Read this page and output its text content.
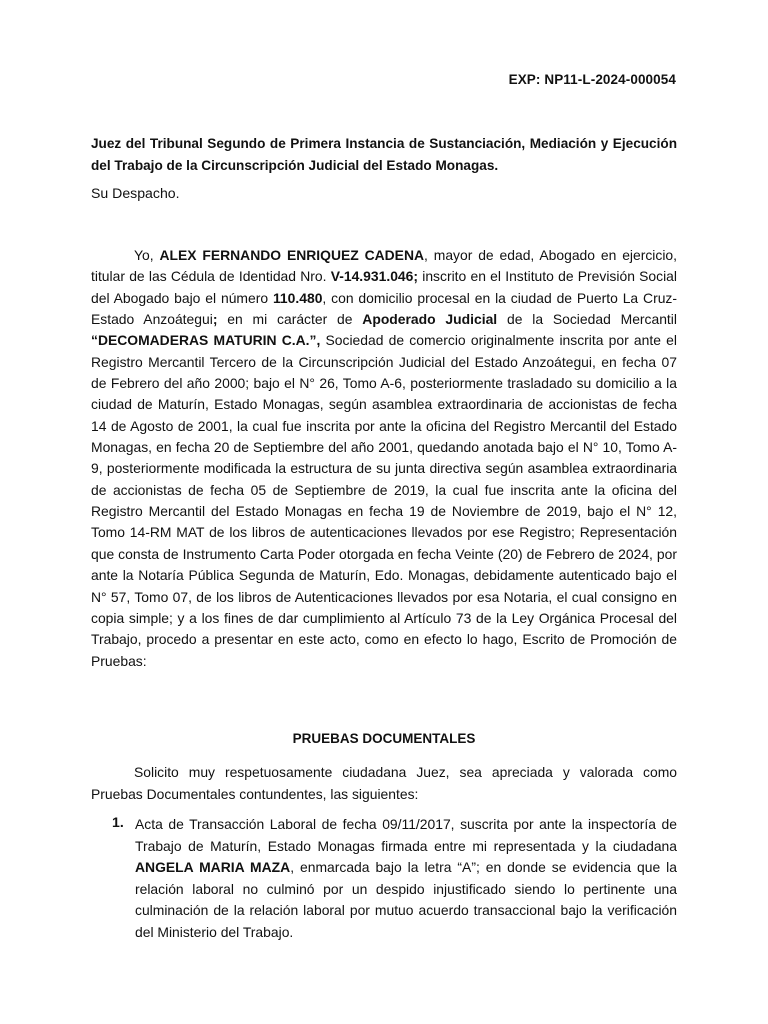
EXP: NP11-L-2024-000054
Juez del Tribunal Segundo de Primera Instancia de Sustanciación, Mediación y Ejecución del Trabajo de la Circunscripción Judicial del Estado Monagas.
Su Despacho.
Yo, ALEX FERNANDO ENRIQUEZ CADENA, mayor de edad, Abogado en ejercicio, titular de las Cédula de Identidad Nro. V-14.931.046; inscrito en el Instituto de Previsión Social del Abogado bajo el número 110.480, con domicilio procesal en la ciudad de Puerto La Cruz- Estado Anzoátegui; en mi carácter de Apoderado Judicial de la Sociedad Mercantil “DECOMADERAS MATURIN C.A.”, Sociedad de comercio originalmente inscrita por ante el Registro Mercantil Tercero de la Circunscripción Judicial del Estado Anzoátegui, en fecha 07 de Febrero del año 2000; bajo el N° 26, Tomo A-6, posteriormente trasladado su domicilio a la ciudad de Maturín, Estado Monagas, según asamblea extraordinaria de accionistas de fecha 14 de Agosto de 2001, la cual fue inscrita por ante la oficina del Registro Mercantil del Estado Monagas, en fecha 20 de Septiembre del año 2001, quedando anotada bajo el N° 10, Tomo A-9, posteriormente modificada la estructura de su junta directiva según asamblea extraordinaria de accionistas de fecha 05 de Septiembre de 2019, la cual fue inscrita ante la oficina del Registro Mercantil del Estado Monagas en fecha 19 de Noviembre de 2019, bajo el N° 12, Tomo 14-RM MAT de los libros de autenticaciones llevados por ese Registro; Representación que consta de Instrumento Carta Poder otorgada en fecha Veinte (20) de Febrero de 2024, por ante la Notaría Pública Segunda de Maturín, Edo. Monagas, debidamente autenticado bajo el N° 57, Tomo 07, de los libros de Autenticaciones llevados por esa Notaria, el cual consigno en copia simple; y a los fines de dar cumplimiento al Artículo 73 de la Ley Orgánica Procesal del Trabajo, procedo a presentar en este acto, como en efecto lo hago, Escrito de Promoción de Pruebas:
PRUEBAS DOCUMENTALES
Solicito muy respetuosamente ciudadana Juez, sea apreciada y valorada como Pruebas Documentales contundentes, las siguientes:
1. Acta de Transacción Laboral de fecha 09/11/2017, suscrita por ante la inspectoría de Trabajo de Maturín, Estado Monagas firmada entre mi representada y la ciudadana ANGELA MARIA MAZA, enmarcada bajo la letra “A”; en donde se evidencia que la relación laboral no culminó por un despido injustificado siendo lo pertinente una culminación de la relación laboral por mutuo acuerdo transaccional bajo la verificación del Ministerio del Trabajo.
